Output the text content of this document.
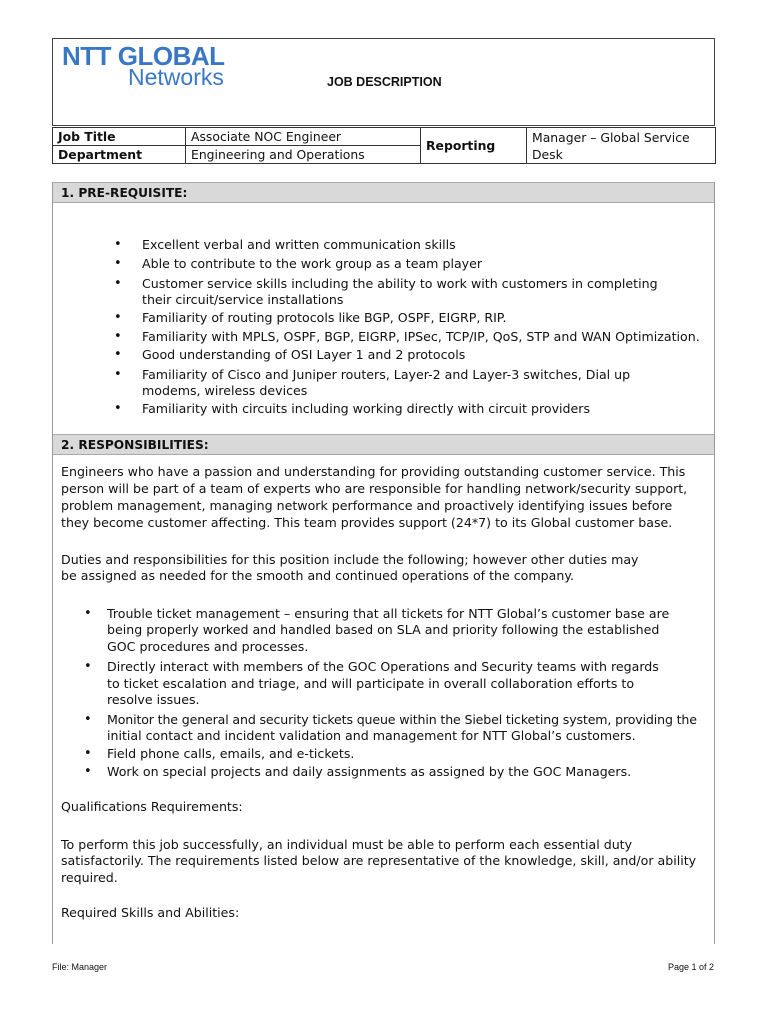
NTT GLOBAL
Networks	JOB DESCRIPTION
Job Title	Associate NOC Engineer	Reporting	Manager – Global Service
Desk

Department	Engineering and Operations		
1. PRE-REQUISITE:
• Excellent verbal and written communication skills
• Able to contribute to the work group as a team player
• Customer service skills including the ability to work with customers in completing
their circuit/service installations
• Familiarity of routing protocols like BGP, OSPF, EIGRP, RIP.
• Familiarity with MPLS, OSPF, BGP, EIGRP, IPSec, TCP/IP, QoS, STP and WAN Optimization.
• Good understanding of OSI Layer 1 and 2 protocols
• Familiarity of Cisco and Juniper routers, Layer-2 and Layer-3 switches, Dial up
modems, wireless devices
• Familiarity with circuits including working directly with circuit providers
2. RESPONSIBILITIES:
Engineers who have a passion and understanding for providing outstanding customer service. This
person will be part of a team of experts who are responsible for handling network/security support,
problem management, managing network performance and proactively identifying issues before
they become customer affecting. This team provides support (24*7) to its Global customer base.
Duties and responsibilities for this position include the following; however other duties may
be assigned as needed for the smooth and continued operations of the company.
• Trouble ticket management – ensuring that all tickets for NTT Global’s customer base are
being properly worked and handled based on SLA and priority following the established
GOC procedures and processes.
• Directly interact with members of the GOC Operations and Security teams with regards
to ticket escalation and triage, and will participate in overall collaboration efforts to
resolve issues.
• Monitor the general and security tickets queue within the Siebel ticketing system, providing the
initial contact and incident validation and management for NTT Global’s customers.
• Field phone calls, emails, and e-tickets.
• Work on special projects and daily assignments as assigned by the GOC Managers.
Qualifications Requirements:
To perform this job successfully, an individual must be able to perform each essential duty
satisfactorily. The requirements listed below are representative of the knowledge, skill, and/or ability
required.
Required Skills and Abilities:
File: Manager	Page 1 of 2
